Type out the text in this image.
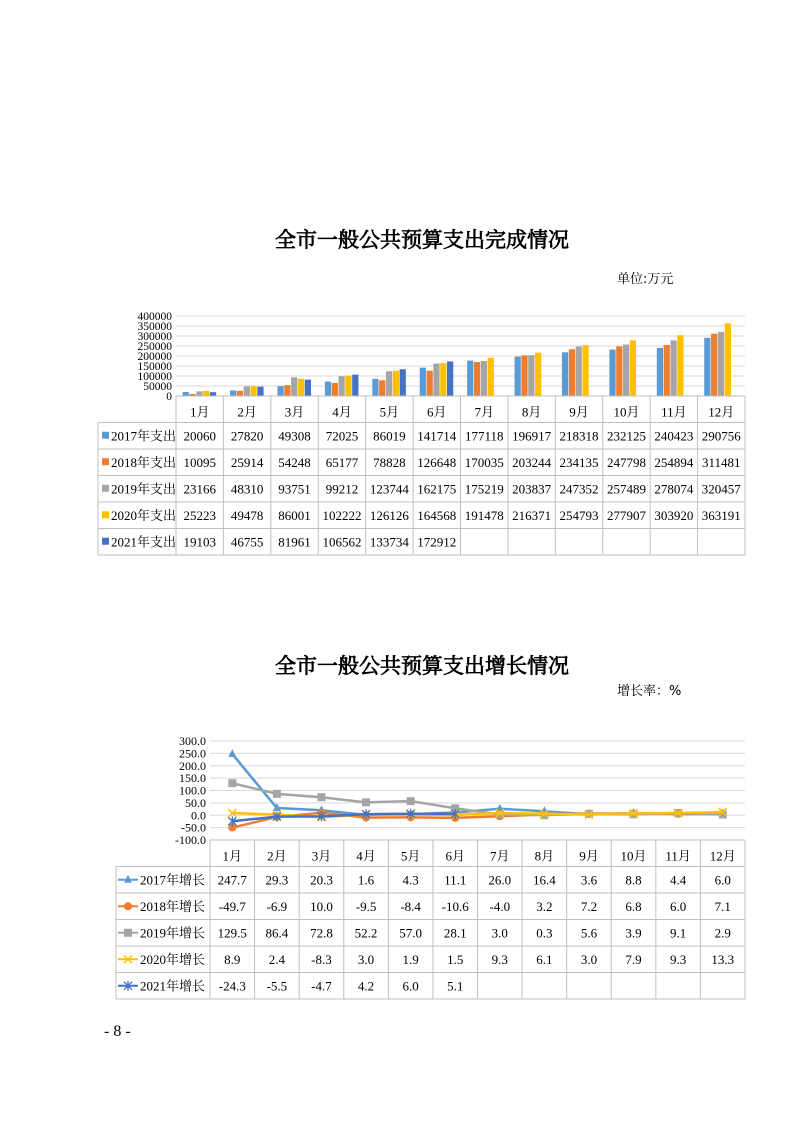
全市一般公共预算支出完成情况
单位:万元
400000
350000
300000
250000
200000
150000
100000
50000
0
1月 2月 3月 4月 5月 6月 7月 8月 9月 10月 11月 12月
2017年支出 20060 27820 49308 72025 86019 141714 177118 196917 218318 232125 240423 290756
2018年支出 10095 25914 54248 65177 78828 126648 170035 203244 234135 247798 254894 311481
2019年支出 23166 48310 93751 99212 123744 162175 175219 203837 247352 257489 278074 320457
2020年支出 25223 49478 86001 102222 126126 164568 191478 216371 254793 277907 303920 363191
2021年支出 19103 46755 81961 106562 133734 172912
全市一般公共预算支出增长情况
增长率：%
300.0
250.0
200.0
150.0
100.0
50.0
0.0
-50.0
-100.0
1月 2月 3月 4月 5月 6月 7月 8月 9月 10月 11月 12月
2017年增长 247.7 29.3 20.3 1.6 4.3 11.1 26.0 16.4 3.6 8.8 4.4 6.0
2018年增长 -49.7 -6.9 10.0 -9.5 -8.4 -10.6 -4.0 3.2 7.2 6.8 6.0 7.1
2019年增长 129.5 86.4 72.8 52.2 57.0 28.1 3.0 0.3 5.6 3.9 9.1 2.9
2020年增长 8.9 2.4 -8.3 3.0 1.9 1.5 9.3 6.1 3.0 7.9 9.3 13.3
2021年增长 -24.3 -5.5 -4.7 4.2 6.0 5.1
- 8 -
